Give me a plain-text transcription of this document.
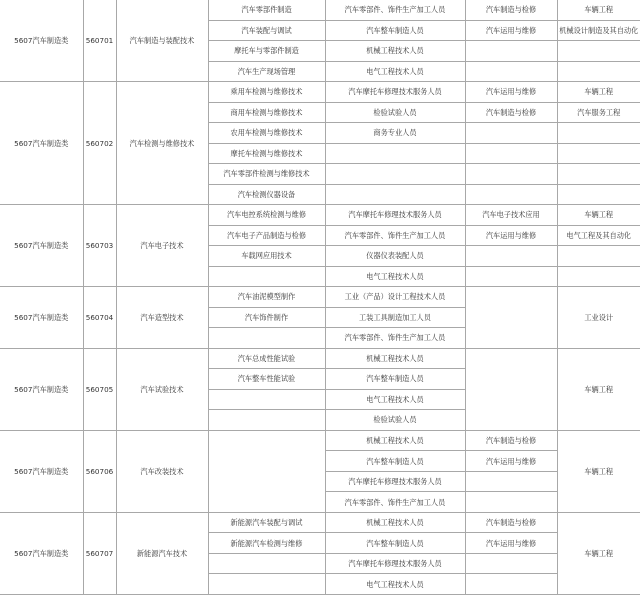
5607汽车制造类	560701	汽车制造与装配技术	汽车零部件制造	汽车零部件、饰件生产加工人员	汽车制造与检修	车辆工程
			汽车装配与调试	汽车整车制造人员	汽车运用与维修	机械设计制造及其自动化
			摩托车与零部件制造	机械工程技术人员		
			汽车生产现场管理	电气工程技术人员		
5607汽车制造类	560702	汽车检测与维修技术	乘用车检测与维修技术	汽车摩托车修理技术服务人员	汽车运用与维修	车辆工程
			商用车检测与维修技术	检验试验人员	汽车制造与检修	汽车服务工程
			农用车检测与维修技术	商务专业人员		
			摩托车检测与维修技术			
			汽车零部件检测与维修技术			
			汽车检测仪器设备			
5607汽车制造类	560703	汽车电子技术	汽车电控系统检测与维修	汽车摩托车修理技术服务人员	汽车电子技术应用	车辆工程
			汽车电子产品制造与检修	汽车零部件、饰件生产加工人员	汽车运用与维修	电气工程及其自动化
			车载网应用技术	仪器仪表装配人员		
				电气工程技术人员		
5607汽车制造类	560704	汽车造型技术	汽车油泥模型制作	工业（产品）设计工程技术人员		工业设计
			汽车饰件制作	工装工具制造加工人员		
				汽车零部件、饰件生产加工人员		
5607汽车制造类	560705	汽车试验技术	汽车总成性能试验	机械工程技术人员		车辆工程
			汽车整车性能试验	汽车整车制造人员		
				电气工程技术人员		
				检验试验人员		
5607汽车制造类	560706	汽车改装技术		机械工程技术人员	汽车制造与检修	车辆工程
				汽车整车制造人员	汽车运用与维修	
				汽车摩托车修理技术服务人员		
				汽车零部件、饰件生产加工人员		
5607汽车制造类	560707	新能源汽车技术	新能源汽车装配与调试	机械工程技术人员	汽车制造与检修	车辆工程
			新能源汽车检测与维修	汽车整车制造人员	汽车运用与维修	
				汽车摩托车修理技术服务人员		
				电气工程技术人员		
